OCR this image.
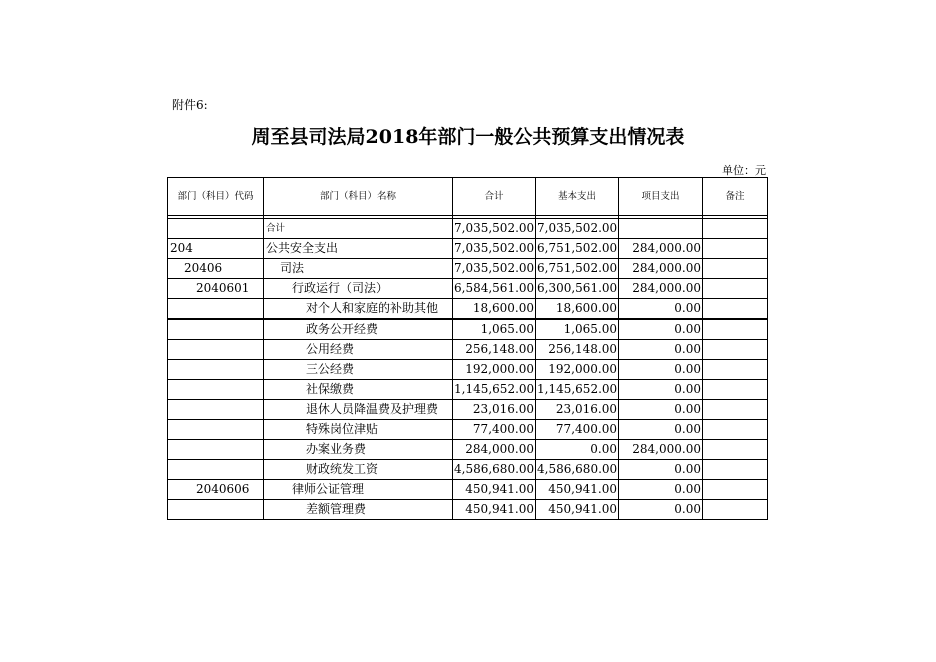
附件6:
周至县司法局2018年部门一般公共预算支出情况表
单位：元
部门（科目）代码	部门（科目）名称	合计	基本支出	项目支出	备注

	合计	7,035,502.00	7,035,502.00		
204	公共安全支出	7,035,502.00	6,751,502.00	284,000.00	
20406	司法	7,035,502.00	6,751,502.00	284,000.00	
2040601	行政运行（司法）	6,584,561.00	6,300,561.00	284,000.00	
	对个人和家庭的补助其他	18,600.00	18,600.00	0.00	
	政务公开经费	1,065.00	1,065.00	0.00	
	公用经费	256,148.00	256,148.00	0.00	
	三公经费	192,000.00	192,000.00	0.00	
	社保缴费	1,145,652.00	1,145,652.00	0.00	
	退休人员降温费及护理费	23,016.00	23,016.00	0.00	
	特殊岗位津贴	77,400.00	77,400.00	0.00	
	办案业务费	284,000.00	0.00	284,000.00	
	财政统发工资	4,586,680.00	4,586,680.00	0.00	
2040606	律师公证管理	450,941.00	450,941.00	0.00	
	差额管理费	450,941.00	450,941.00	0.00	
